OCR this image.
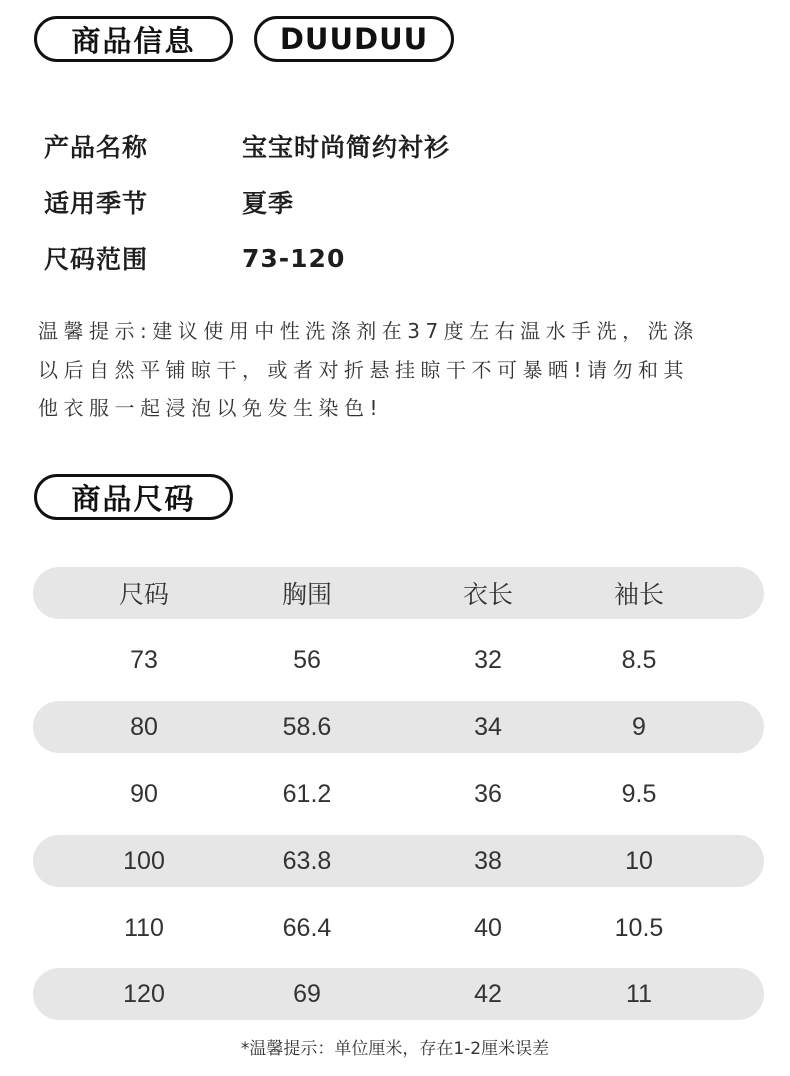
商品信息	DUUDUU
产品名称	宝宝时尚简约衬衫
适用季节	夏季
尺码范围	73-120
温馨提示:建议使用中性洗涤剂在37度左右温水手洗，洗涤
以后自然平铺晾干，或者对折悬挂晾干不可暴晒!请勿和其
他衣服一起浸泡以免发生染色!
商品尺码
尺码	胸围	衣长	袖长
73	56	32	8.5
80	58.6	34	9
90	61.2	36	9.5
100	63.8	38	10
110	66.4	40	10.5
120	69	42	11
*温馨提示：单位厘米，存在1-2厘米误差
